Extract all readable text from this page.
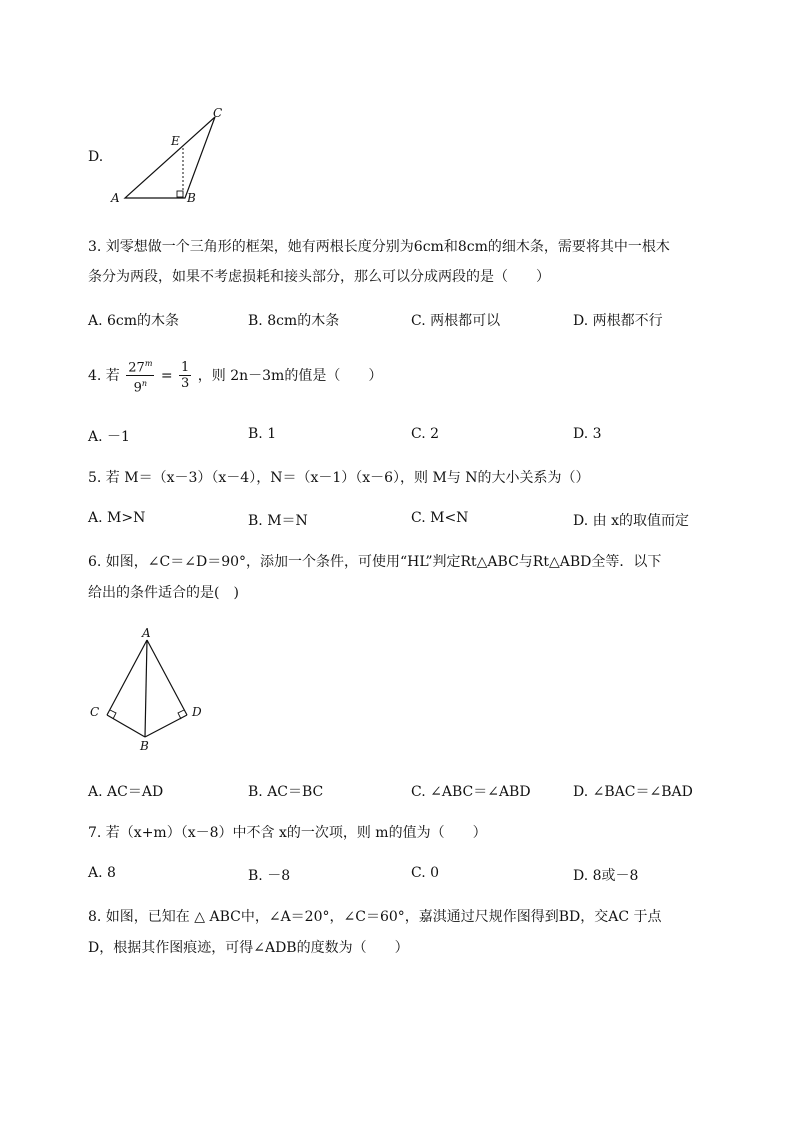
D.
A	B
C
E
3. 刘零想做一个三角形的框架，她有两根长度分别为6cm和8cm的细木条，需要将其中一根木
条分为两段，如果不考虑损耗和接头部分，那么可以分成两段的是（　　）
A. 6cm的木条	B. 8cm的木条	C. 两根都可以	D. 两根都不行
4. 若 $\frac{27^m}{9^n} = \frac{1}{3}$ ，则 2n－3m的值是（　　）
A. －1	B. 1	C. 2	D. 3
5. 若 M＝（x－3）（x－4），N＝（x－1）（x－6），则 M与 N的大小关系为（）
A. M>N	B. M＝N	C. M<N	D. 由 x的取值而定
6. 如图，∠C＝∠D＝90°，添加一个条件，可使用“HL”判定Rt△ABC与Rt△ABD全等．以下
给出的条件适合的是(　)
A
C	D
B
A. AC＝AD	B. AC＝BC	C. ∠ABC＝∠ABD	D. ∠BAC＝∠BAD
7. 若（x+m）（x－8）中不含 x的一次项，则 m的值为（　　）
A. 8	B. －8	C. 0	D. 8或－8
8. 如图，已知在 △ ABC中，∠A＝20°，∠C＝60°，嘉淇通过尺规作图得到BD，交AC 于点
D，根据其作图痕迹，可得∠ADB的度数为（　　）
